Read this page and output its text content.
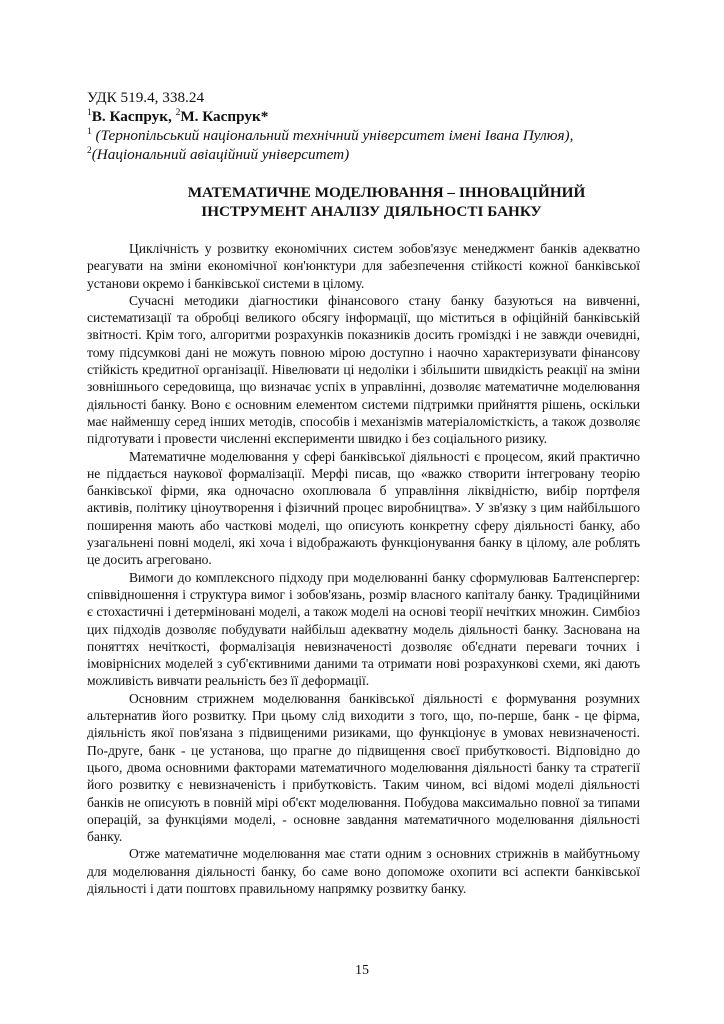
УДК 519.4, 338.24
$^1$В. Каспрук, $^2$М. Каспрук*
$^1$ (Тернопільський національний технічний університет імені Івана Пулюя),
$^2$(Національний авіаційний університет)
МАТЕМАТИЧНЕ МОДЕЛЮВАННЯ – ІННОВАЦІЙНИЙ
ІНСТРУМЕНТ АНАЛІЗУ ДІЯЛЬНОСТІ БАНКУ

Циклічність у розвитку економічних систем зобов'язує менеджмент банків адекватно реагувати на зміни економічної кон'юнктури для забезпечення стійкості кожної банківської установи окремо і банківської системи в цілому.

Сучасні методики діагностики фінансового стану банку базуються на вивченні, систематизації та обробці великого обсягу інформації, що міститься в офіційній банківській звітності. Крім того, алгоритми розрахунків показників досить громіздкі і не завжди очевидні, тому підсумкові дані не можуть повною мірою доступно і наочно характеризувати фінансову стійкість кредитної організації. Нівелювати ці недоліки і збільшити швидкість реакції на зміни зовнішнього середовища, що визначає успіх в управлінні, дозволяє математичне моделювання діяльності банку. Воно є основним елементом системи підтримки прийняття рішень, оскільки має найменшу серед інших методів, способів і механізмів матеріаломісткість, а також дозволяє підготувати і провести численні експерименти швидко і без соціального ризику.

Математичне моделювання у сфері банківської діяльності є процесом, який практично не піддається наукової формалізації. Мерфі писав, що «важко створити інтегровану теорію банківської фірми, яка одночасно охоплювала б управління ліквідністю, вибір портфеля активів, політику ціноутворення і фізичний процес виробництва». У зв'язку з цим найбільшого поширення мають або часткові моделі, що описують конкретну сферу діяльності банку, або узагальнені повні моделі, які хоча і відображають функціонування банку в цілому, але роблять це досить агреговано.

Вимоги до комплексного підходу при моделюванні банку сформулював Балтенспергер: співвідношення і структура вимог і зобов'язань, розмір власного капіталу банку. Традиційними є стохастичні і детерміновані моделі, а також моделі на основі теорії нечітких множин. Симбіоз цих підходів дозволяє побудувати найбільш адекватну модель діяльності банку. Заснована на поняттях нечіткості, формалізація невизначеності дозволяє об'єднати переваги точних і імовірнісних моделей з суб'єктивними даними та отримати нові розрахункові схеми, які дають можливість вивчати реальність без її деформації.

Основним стрижнем моделювання банківської діяльності є формування розумних альтернатив його розвитку. При цьому слід виходити з того, що, по-перше, банк - це фірма, діяльність якої пов'язана з підвищеними ризиками, що функціонує в умовах невизначеності. По-друге, банк - це установа, що прагне до підвищення своєї прибутковості. Відповідно до цього, двома основними факторами математичного моделювання діяльності банку та стратегії його розвитку є невизначеність і прибутковість. Таким чином, всі відомі моделі діяльності банків не описують в повній мірі об'єкт моделювання. Побудова максимально повної за типами операцій, за функціями моделі, - основне завдання математичного моделювання діяльності банку.

Отже математичне моделювання має стати одним з основних стрижнів в майбутньому для моделювання діяльності банку, бо саме воно допоможе охопити всі аспекти банківської діяльності і дати поштовх правильному напрямку розвитку банку.

15
